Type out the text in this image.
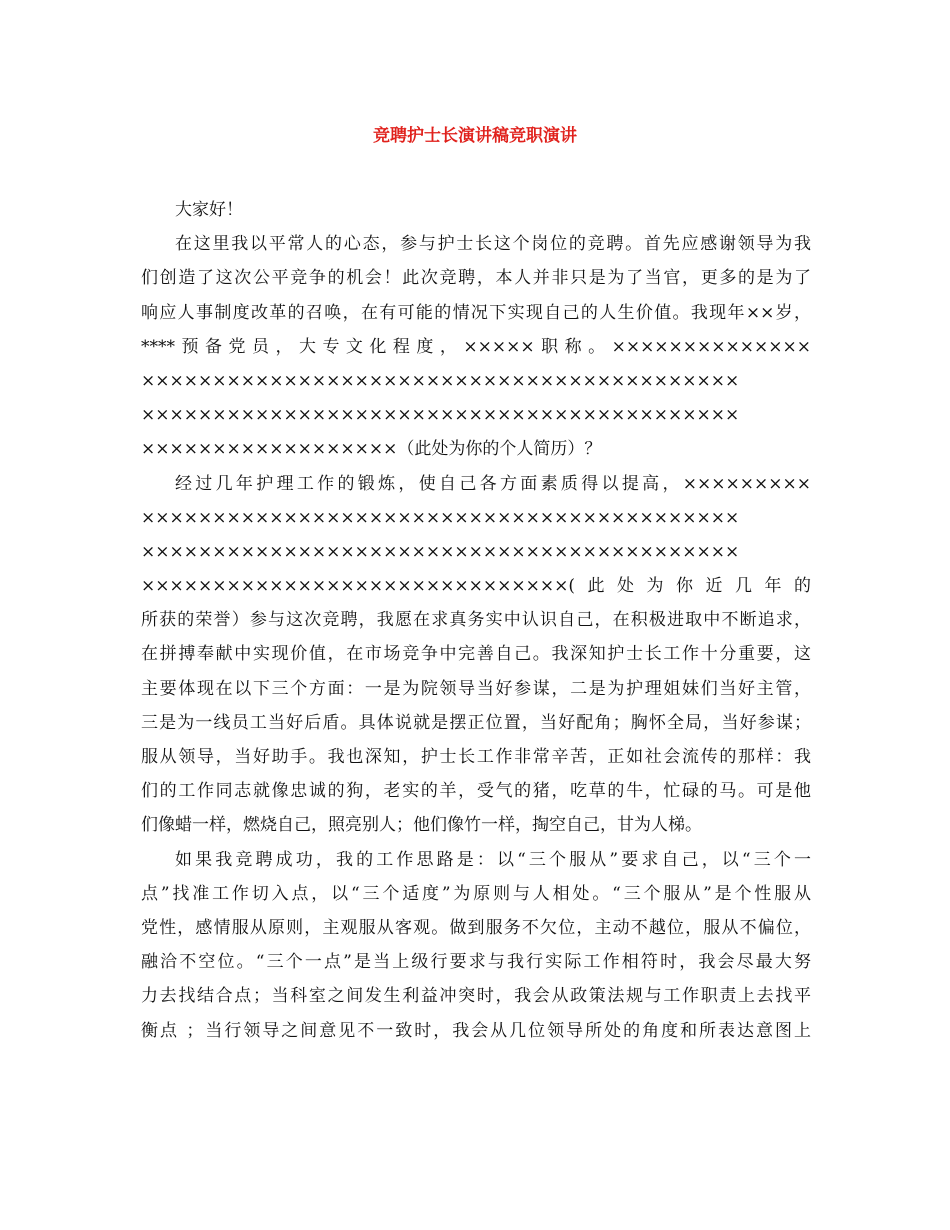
竞聘护士长演讲稿竞职演讲
大家好！
在这里我以平常人的心态，参与护士长这个岗位的竞聘。首先应感谢领导为我
们创造了这次公平竞争的机会！此次竞聘，本人并非只是为了当官，更多的是为了
响应人事制度改革的召唤，在有可能的情况下实现自己的人生价值。我现年××岁，
****预备党员，大专文化程度，×××××职称。××××××××××××××
××××××××××××××××××××××××××××××××××××××××××
××××××××××××××××××××××××××××××××××××××××××
××××××××××××××××××（此处为你的个人简历）？
经过几年护理工作的锻炼，使自己各方面素质得以提高，×××××××××
××××××××××××××××××××××××××××××××××××××××××
××××××××××××××××××××××××××××××××××××××××××
××××××××××××××××××××××××××××××(此处为你近几年的
所获的荣誉）参与这次竞聘，我愿在求真务实中认识自己，在积极进取中不断追求，
在拼搏奉献中实现价值，在市场竞争中完善自己。我深知护士长工作十分重要，这
主要体现在以下三个方面：一是为院领导当好参谋，二是为护理姐妹们当好主管，
三是为一线员工当好后盾。具体说就是摆正位置，当好配角；胸怀全局，当好参谋；
服从领导，当好助手。我也深知，护士长工作非常辛苦，正如社会流传的那样：我
们的工作同志就像忠诚的狗，老实的羊，受气的猪，吃草的牛，忙碌的马。可是他
们像蜡一样，燃烧自己，照亮别人；他们像竹一样，掏空自己，甘为人梯。
如果我竞聘成功，我的工作思路是：以“三个服从”要求自己，以“三个一
点”找准工作切入点，以“三个适度”为原则与人相处。“三个服从”是个性服从
党性，感情服从原则，主观服从客观。做到服务不欠位，主动不越位，服从不偏位，
融洽不空位。“三个一点”是当上级行要求与我行实际工作相符时，我会尽最大努
力去找结合点；当科室之间发生利益冲突时，我会从政策法规与工作职责上去找平
衡点 ；当行领导之间意见不一致时，我会从几位领导所处的角度和所表达意图上
